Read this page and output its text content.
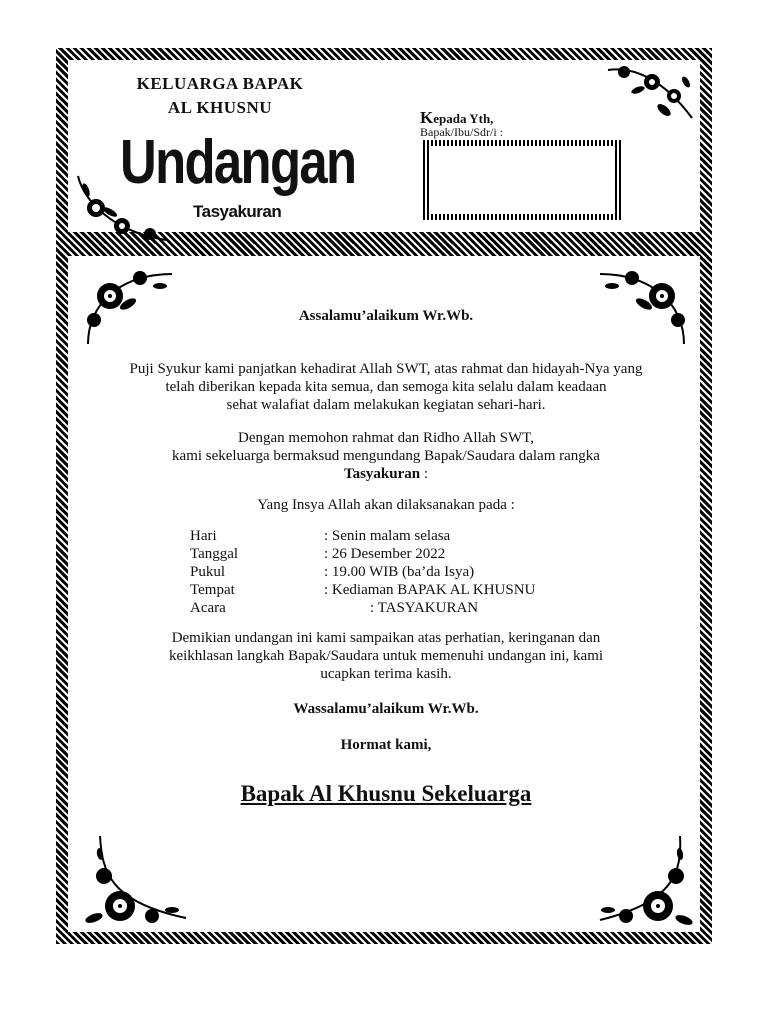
KELUARGA BAPAK
AL KHUSNU
Undangan
Tasyakuran
Kepada Yth,
Bapak/Ibu/Sdr/i :
Assalamu’alaikum Wr.Wb.
Puji Syukur kami panjatkan kehadirat Allah SWT, atas rahmat dan hidayah-Nya yang
telah diberikan kepada kita semua, dan semoga kita selalu dalam keadaan
sehat walafiat dalam melakukan kegiatan sehari-hari.
Dengan memohon rahmat dan Ridho Allah SWT,
kami sekeluarga bermaksud mengundang Bapak/Saudara dalam rangka
Tasyakuran :
Yang Insya Allah akan dilaksanakan pada :
Hari	: Senin malam selasa
Tanggal	: 26 Desember 2022
Pukul	: 19.00 WIB (ba’da Isya)
Tempat	: Kediaman BAPAK AL KHUSNU
Acara	: TASYAKURAN
Demikian undangan ini kami sampaikan atas perhatian, keringanan dan
keikhlasan langkah Bapak/Saudara untuk memenuhi undangan ini, kami
ucapkan terima kasih.
Wassalamu’alaikum Wr.Wb.
Hormat kami,
Bapak Al Khusnu Sekeluarga
